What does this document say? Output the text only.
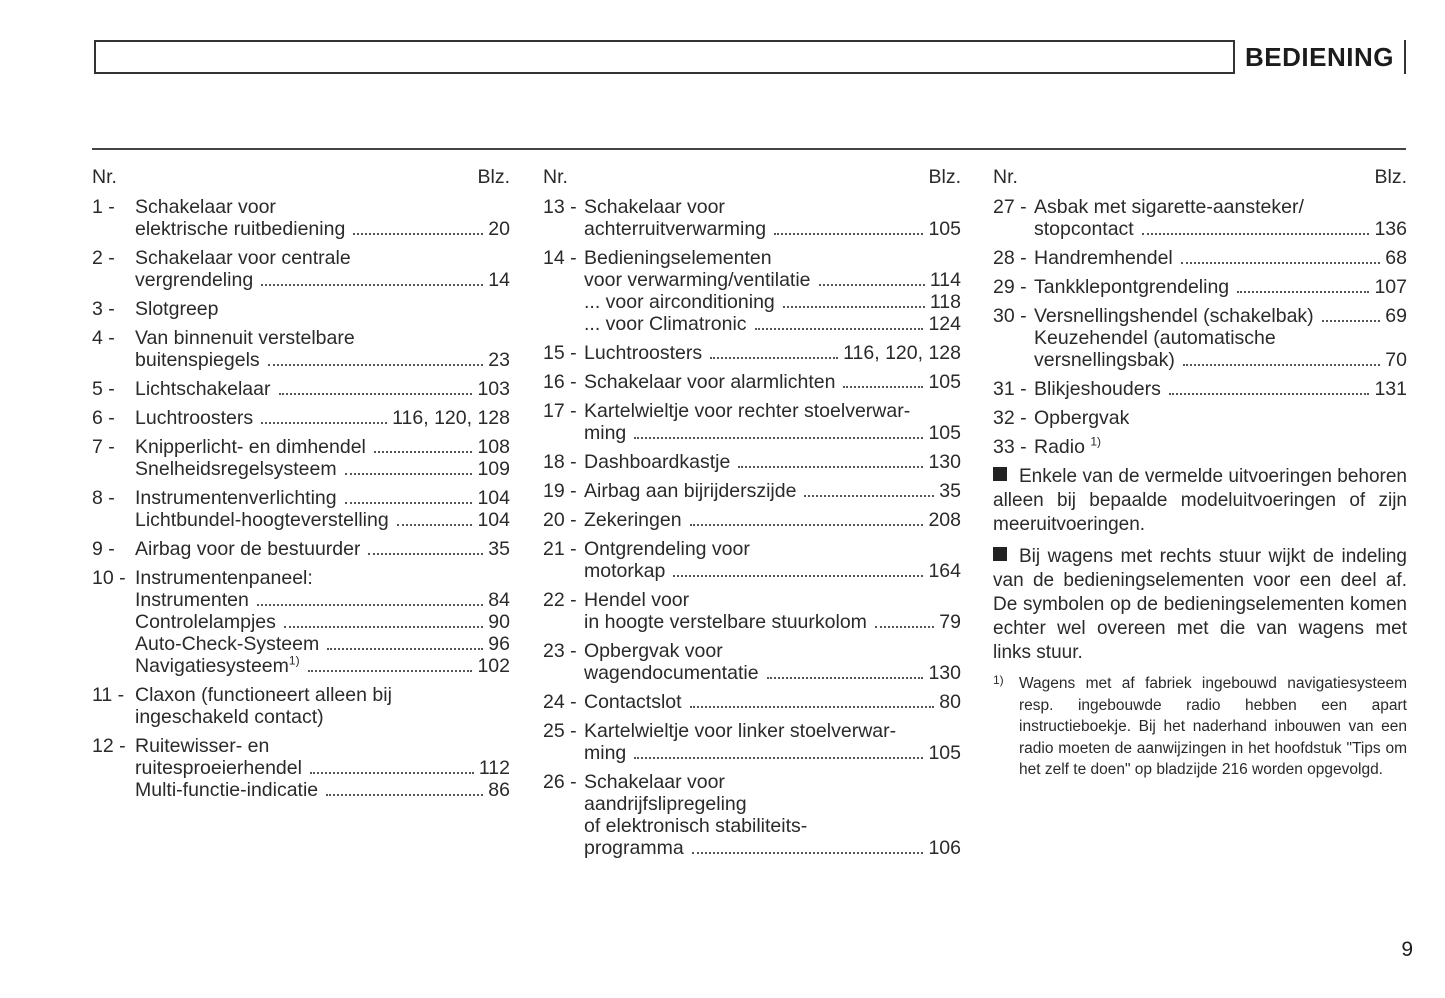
BEDIENING
Nr.	Blz.
1 -	Schakelaar voor
elektrische ruitbediening	20
2 -	Schakelaar voor centrale
vergrendeling	14
3 -	Slotgreep
4 -	Van binnenuit verstelbare
buitenspiegels	23
5 -	Lichtschakelaar	103
6 -	Luchtroosters	116, 120, 128
7 -	Knipperlicht- en dimhendel	108
Snelheidsregelsysteem	109
8 -	Instrumentenverlichting	104
Lichtbundel-hoogteverstelling	104
9 -	Airbag voor de bestuurder	35
10 - Instrumentenpaneel:
Instrumenten	84
Controlelampjes	90
Auto-Check-Systeem	96
Navigatiesysteem$^{1)}$	102
11 - Claxon (functioneert alleen bij
ingeschakeld contact)
12 - Ruitewisser- en
ruitesproeierhendel	112
Multi-functie-indicatie	86
Nr.	Blz.
13 - Schakelaar voor
achterruitverwarming	105
14 - Bedieningselementen
voor verwarming/ventilatie	114
... voor airconditioning	118
... voor Climatronic	124
15 - Luchtroosters	116, 120, 128
16 - Schakelaar voor alarmlichten	105
17 - Kartelwieltje voor rechter stoelverwar-
ming	105
18 - Dashboardkastje	130
19 - Airbag aan bijrijderszijde	35
20 - Zekeringen	208
21 - Ontgrendeling voor
motorkap	164
22 - Hendel voor
in hoogte verstelbare stuurkolom	79
23 - Opbergvak voor
wagendocumentatie	130
24 - Contactslot	80
25 - Kartelwieltje voor linker stoelverwar-
ming	105
26 - Schakelaar voor
aandrijfslipregeling
of elektronisch stabiliteits-
programma	106
Nr.	Blz.
27 - Asbak met sigarette-aansteker/
stopcontact	136
28 - Handremhendel	68
29 - Tankklepontgrendeling	107
30 - Versnellingshendel (schakelbak)	69
Keuzehendel (automatische
versnellingsbak)	70
31 - Blikjeshouders	131
32 - Opbergvak
33 - Radio $^{1)}$
Enkele van de vermelde uitvoeringen behoren alleen bij bepaalde modeluitvoeringen of zijn meeruitvoeringen.
Bij wagens met rechts stuur wijkt de indeling van de bedieningselementen voor een deel af. De symbolen op de bedieningselementen komen echter wel overeen met die van wagens met links stuur.
1) Wagens met af fabriek ingebouwd navigatiesysteem resp. ingebouwde radio hebben een apart instructieboekje. Bij het naderhand inbouwen van een radio moeten de aanwijzingen in het hoofdstuk "Tips om het zelf te doen" op bladzijde 216 worden opgevolgd.
9
